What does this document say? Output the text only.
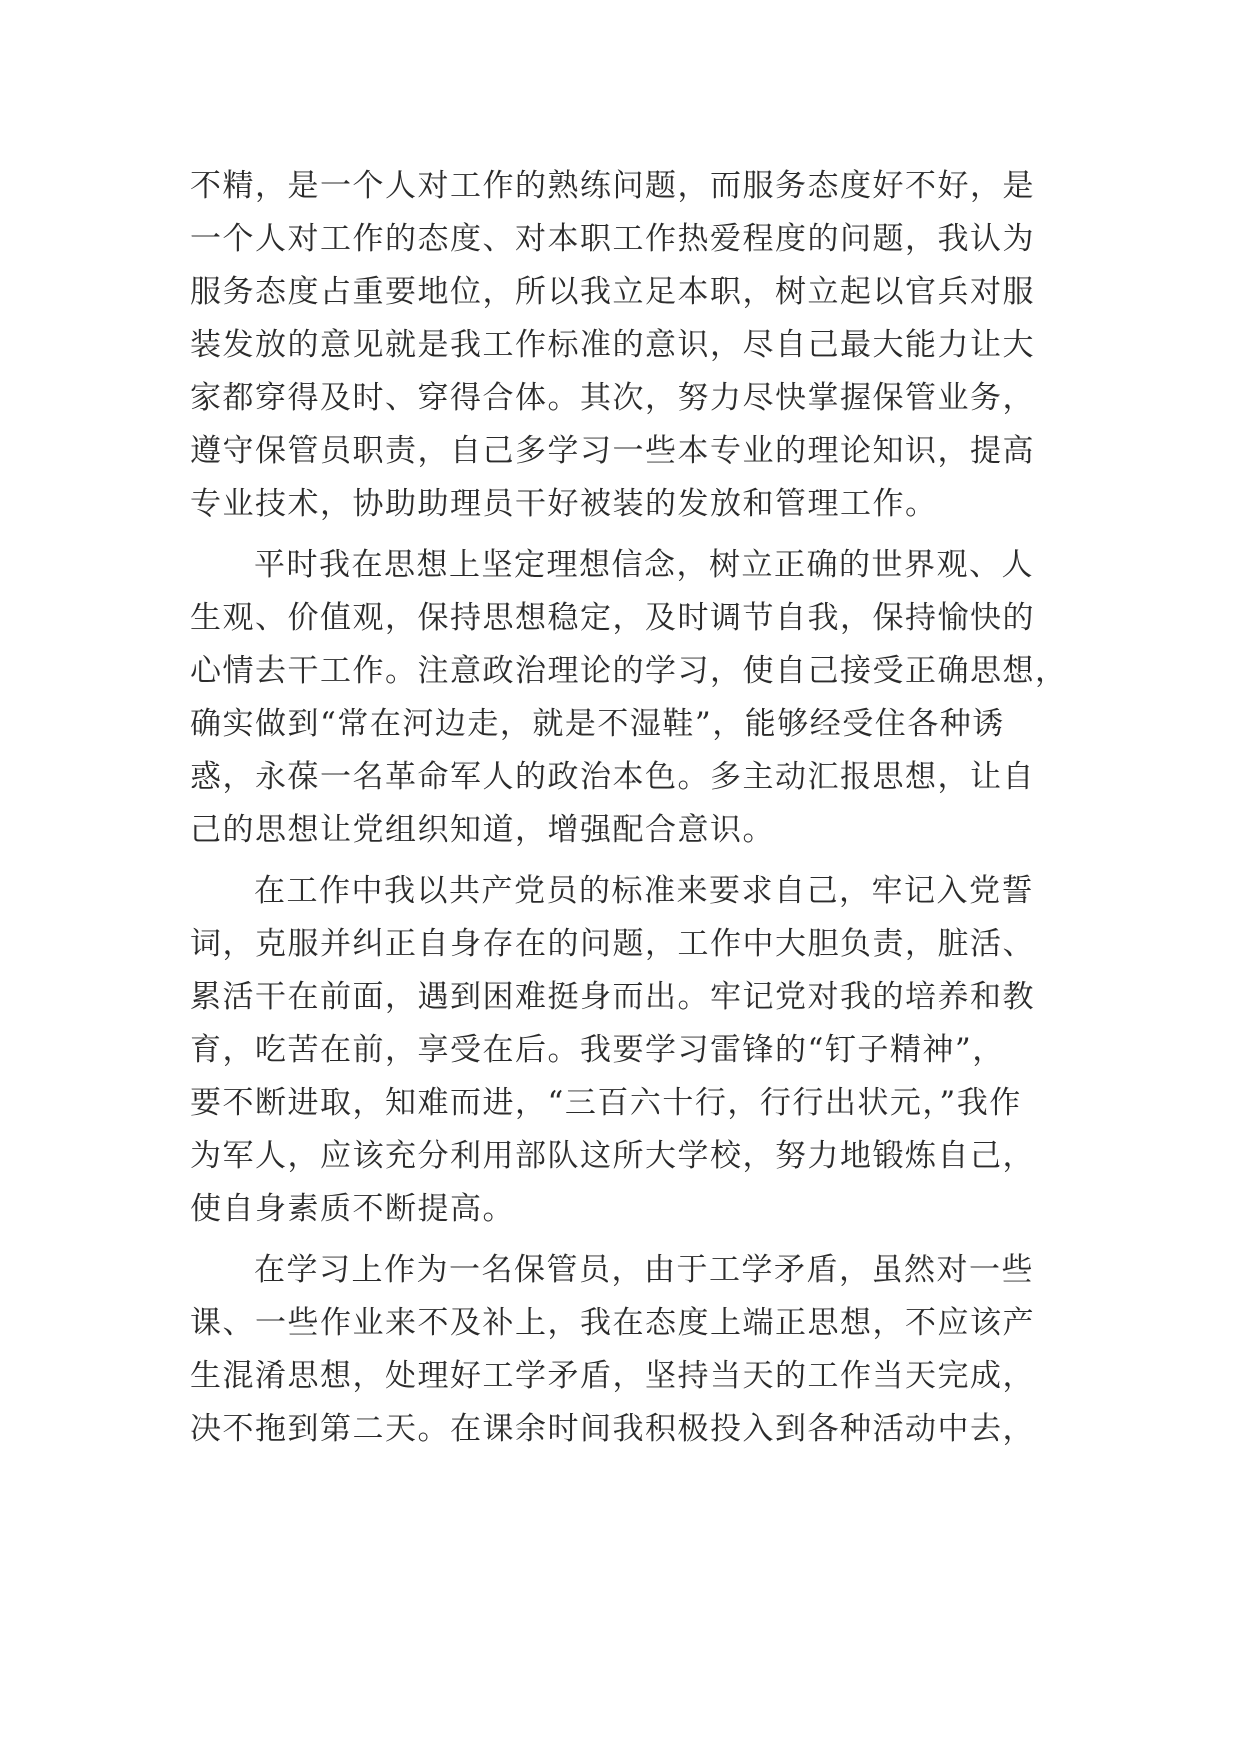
不精，是一个人对工作的熟练问题，而服务态度好不好，是
一个人对工作的态度、对本职工作热爱程度的问题，我认为
服务态度占重要地位，所以我立足本职，树立起以官兵对服
装发放的意见就是我工作标准的意识，尽自己最大能力让大
家都穿得及时、穿得合体。其次，努力尽快掌握保管业务，
遵守保管员职责，自己多学习一些本专业的理论知识，提高
专业技术，协助助理员干好被装的发放和管理工作。
平时我在思想上坚定理想信念，树立正确的世界观、人
生观、价值观，保持思想稳定，及时调节自我，保持愉快的
心情去干工作。注意政治理论的学习，使自己接受正确思想，
确实做到“常在河边走，就是不湿鞋”，能够经受住各种诱
惑，永葆一名革命军人的政治本色。多主动汇报思想，让自
己的思想让党组织知道，增强配合意识。
在工作中我以共产党员的标准来要求自己，牢记入党誓
词，克服并纠正自身存在的问题，工作中大胆负责，脏活、
累活干在前面，遇到困难挺身而出。牢记党对我的培养和教
育，吃苦在前，享受在后。我要学习雷锋的“钉子精神”，
要不断进取，知难而进，“三百六十行，行行出状元，”我作
为军人，应该充分利用部队这所大学校，努力地锻炼自己，
使自身素质不断提高。
在学习上作为一名保管员，由于工学矛盾，虽然对一些
课、一些作业来不及补上，我在态度上端正思想，不应该产
生混淆思想，处理好工学矛盾，坚持当天的工作当天完成，
决不拖到第二天。在课余时间我积极投入到各种活动中去，
